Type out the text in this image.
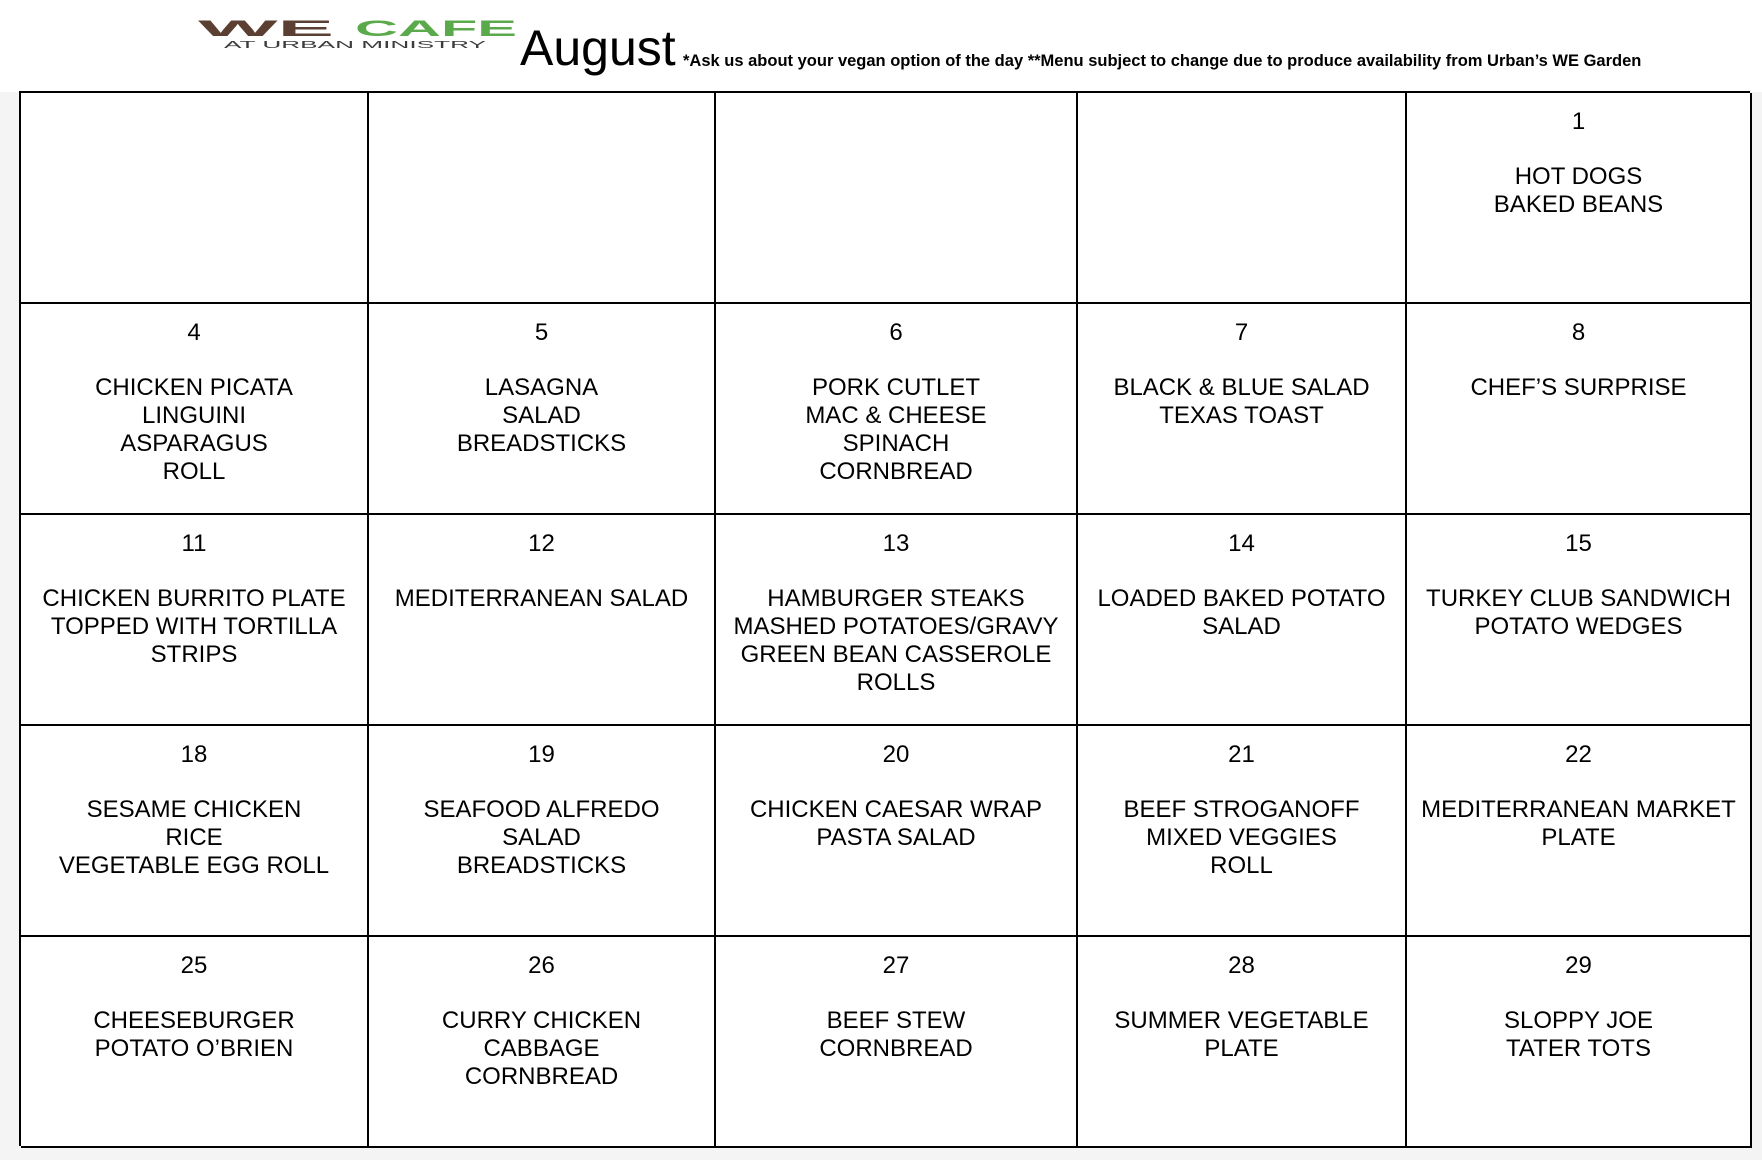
WE CAFE
AT URBAN MINISTRY August *Ask us about your vegan option of the day **Menu subject to change due to produce availability from Urban’s WE Garden
1
HOT DOGS
BAKED BEANS
4
CHICKEN PICATA
LINGUINI
ASPARAGUS
ROLL
5
LASAGNA
SALAD
BREADSTICKS
6
PORK CUTLET
MAC & CHEESE
SPINACH
CORNBREAD
7
BLACK & BLUE SALAD
TEXAS TOAST
8
CHEF’S SURPRISE
11
CHICKEN BURRITO PLATE
TOPPED WITH TORTILLA
STRIPS
12
MEDITERRANEAN SALAD
13
HAMBURGER STEAKS
MASHED POTATOES/GRAVY
GREEN BEAN CASSEROLE
ROLLS
14
LOADED BAKED POTATO
SALAD
15
TURKEY CLUB SANDWICH
POTATO WEDGES
18
SESAME CHICKEN
RICE
VEGETABLE EGG ROLL
19
SEAFOOD ALFREDO
SALAD
BREADSTICKS
20
CHICKEN CAESAR WRAP
PASTA SALAD
21
BEEF STROGANOFF
MIXED VEGGIES
ROLL
22
MEDITERRANEAN MARKET
PLATE
25
CHEESEBURGER
POTATO O’BRIEN
26
CURRY CHICKEN
CABBAGE
CORNBREAD
27
BEEF STEW
CORNBREAD
28
SUMMER VEGETABLE
PLATE
29
SLOPPY JOE
TATER TOTS
